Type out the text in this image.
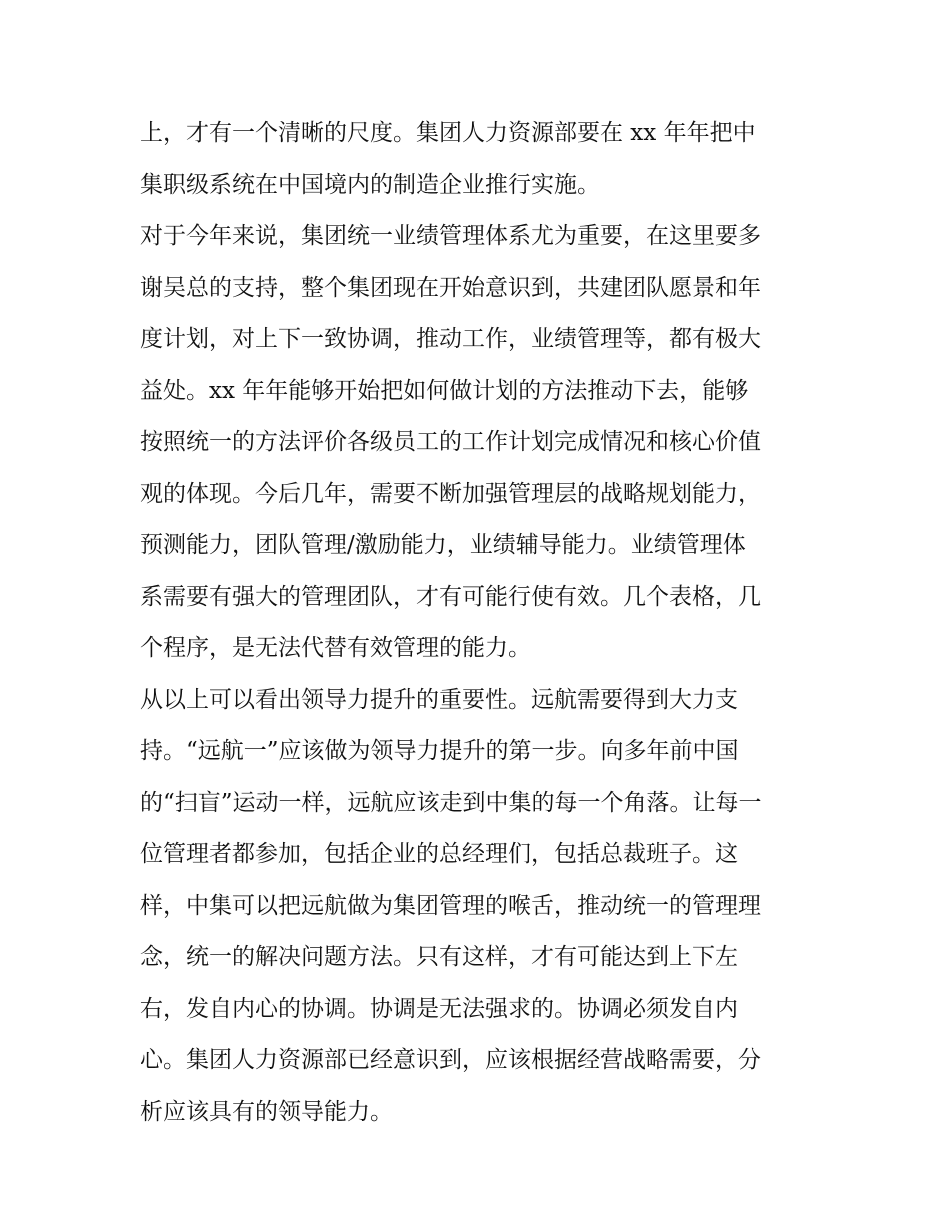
上，才有一个清晰的尺度。集团人力资源部要在 xx 年年把中
集职级系统在中国境内的制造企业推行实施。
对于今年来说，集团统一业绩管理体系尤为重要，在这里要多
谢吴总的支持，整个集团现在开始意识到，共建团队愿景和年
度计划，对上下一致协调，推动工作，业绩管理等，都有极大
益处。xx 年年能够开始把如何做计划的方法推动下去，能够
按照统一的方法评价各级员工的工作计划完成情况和核心价值
观的体现。今后几年，需要不断加强管理层的战略规划能力，
预测能力，团队管理/激励能力，业绩辅导能力。业绩管理体
系需要有强大的管理团队，才有可能行使有效。几个表格，几
个程序，是无法代替有效管理的能力。
从以上可以看出领导力提升的重要性。远航需要得到大力支
持。“远航一”应该做为领导力提升的第一步。向多年前中国
的“扫盲”运动一样，远航应该走到中集的每一个角落。让每一
位管理者都参加，包括企业的总经理们，包括总裁班子。这
样，中集可以把远航做为集团管理的喉舌，推动统一的管理理
念，统一的解决问题方法。只有这样，才有可能达到上下左
右，发自内心的协调。协调是无法强求的。协调必须发自内
心。集团人力资源部已经意识到，应该根据经营战略需要，分
析应该具有的领导能力。
